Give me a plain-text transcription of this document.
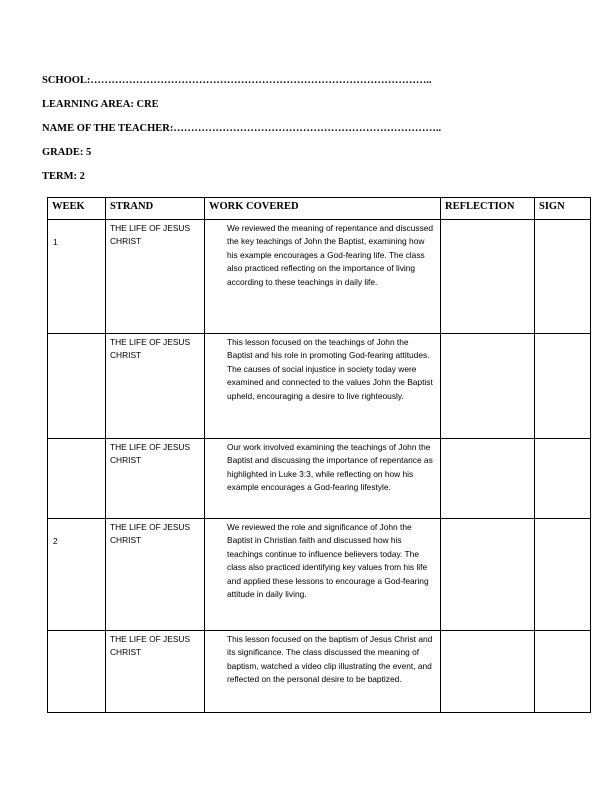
SCHOOL:……………………………………………………………………………………..
LEARNING AREA: CRE
NAME OF THE TEACHER:…………………………………………………………………..
GRADE: 5
TERM: 2
WEEK	STRAND	WORK COVERED	REFLECTION	SIGN
1	THE LIFE OF JESUS CHRIST	We reviewed the meaning of repentance and discussed the key teachings of John the Baptist, examining how his example encourages a God-fearing life. The class also practiced reflecting on the importance of living according to these teachings in daily life.		
	THE LIFE OF JESUS CHRIST	This lesson focused on the teachings of John the Baptist and his role in promoting God-fearing attitudes. The causes of social injustice in society today were examined and connected to the values John the Baptist upheld, encouraging a desire to live righteously.		
	THE LIFE OF JESUS CHRIST	Our work involved examining the teachings of John the Baptist and discussing the importance of repentance as highlighted in Luke 3:3, while reflecting on how his example encourages a God-fearing lifestyle.		
2	THE LIFE OF JESUS CHRIST	We reviewed the role and significance of John the Baptist in Christian faith and discussed how his teachings continue to influence believers today. The class also practiced identifying key values from his life and applied these lessons to encourage a God-fearing attitude in daily living.		
	THE LIFE OF JESUS CHRIST	This lesson focused on the baptism of Jesus Christ and its significance. The class discussed the meaning of baptism, watched a video clip illustrating the event, and reflected on the personal desire to be baptized.		
